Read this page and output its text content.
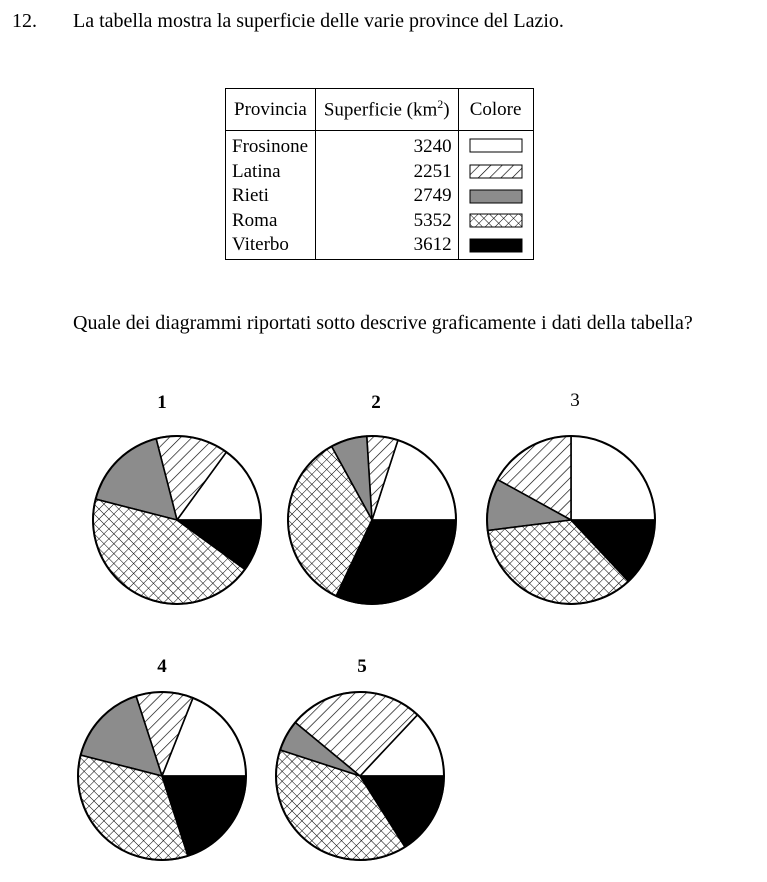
12. La tabella mostra la superficie delle varie province del Lazio.
Provincia	Superficie $(km^2)$	Colore
Frosinone	3240	

Latina	2251	

Rieti	2749	

Roma	5352	

Viterbo	3612	
Quale dei diagrammi riportati sotto descrive graficamente i dati della tabella?
1	2	3
4	5
